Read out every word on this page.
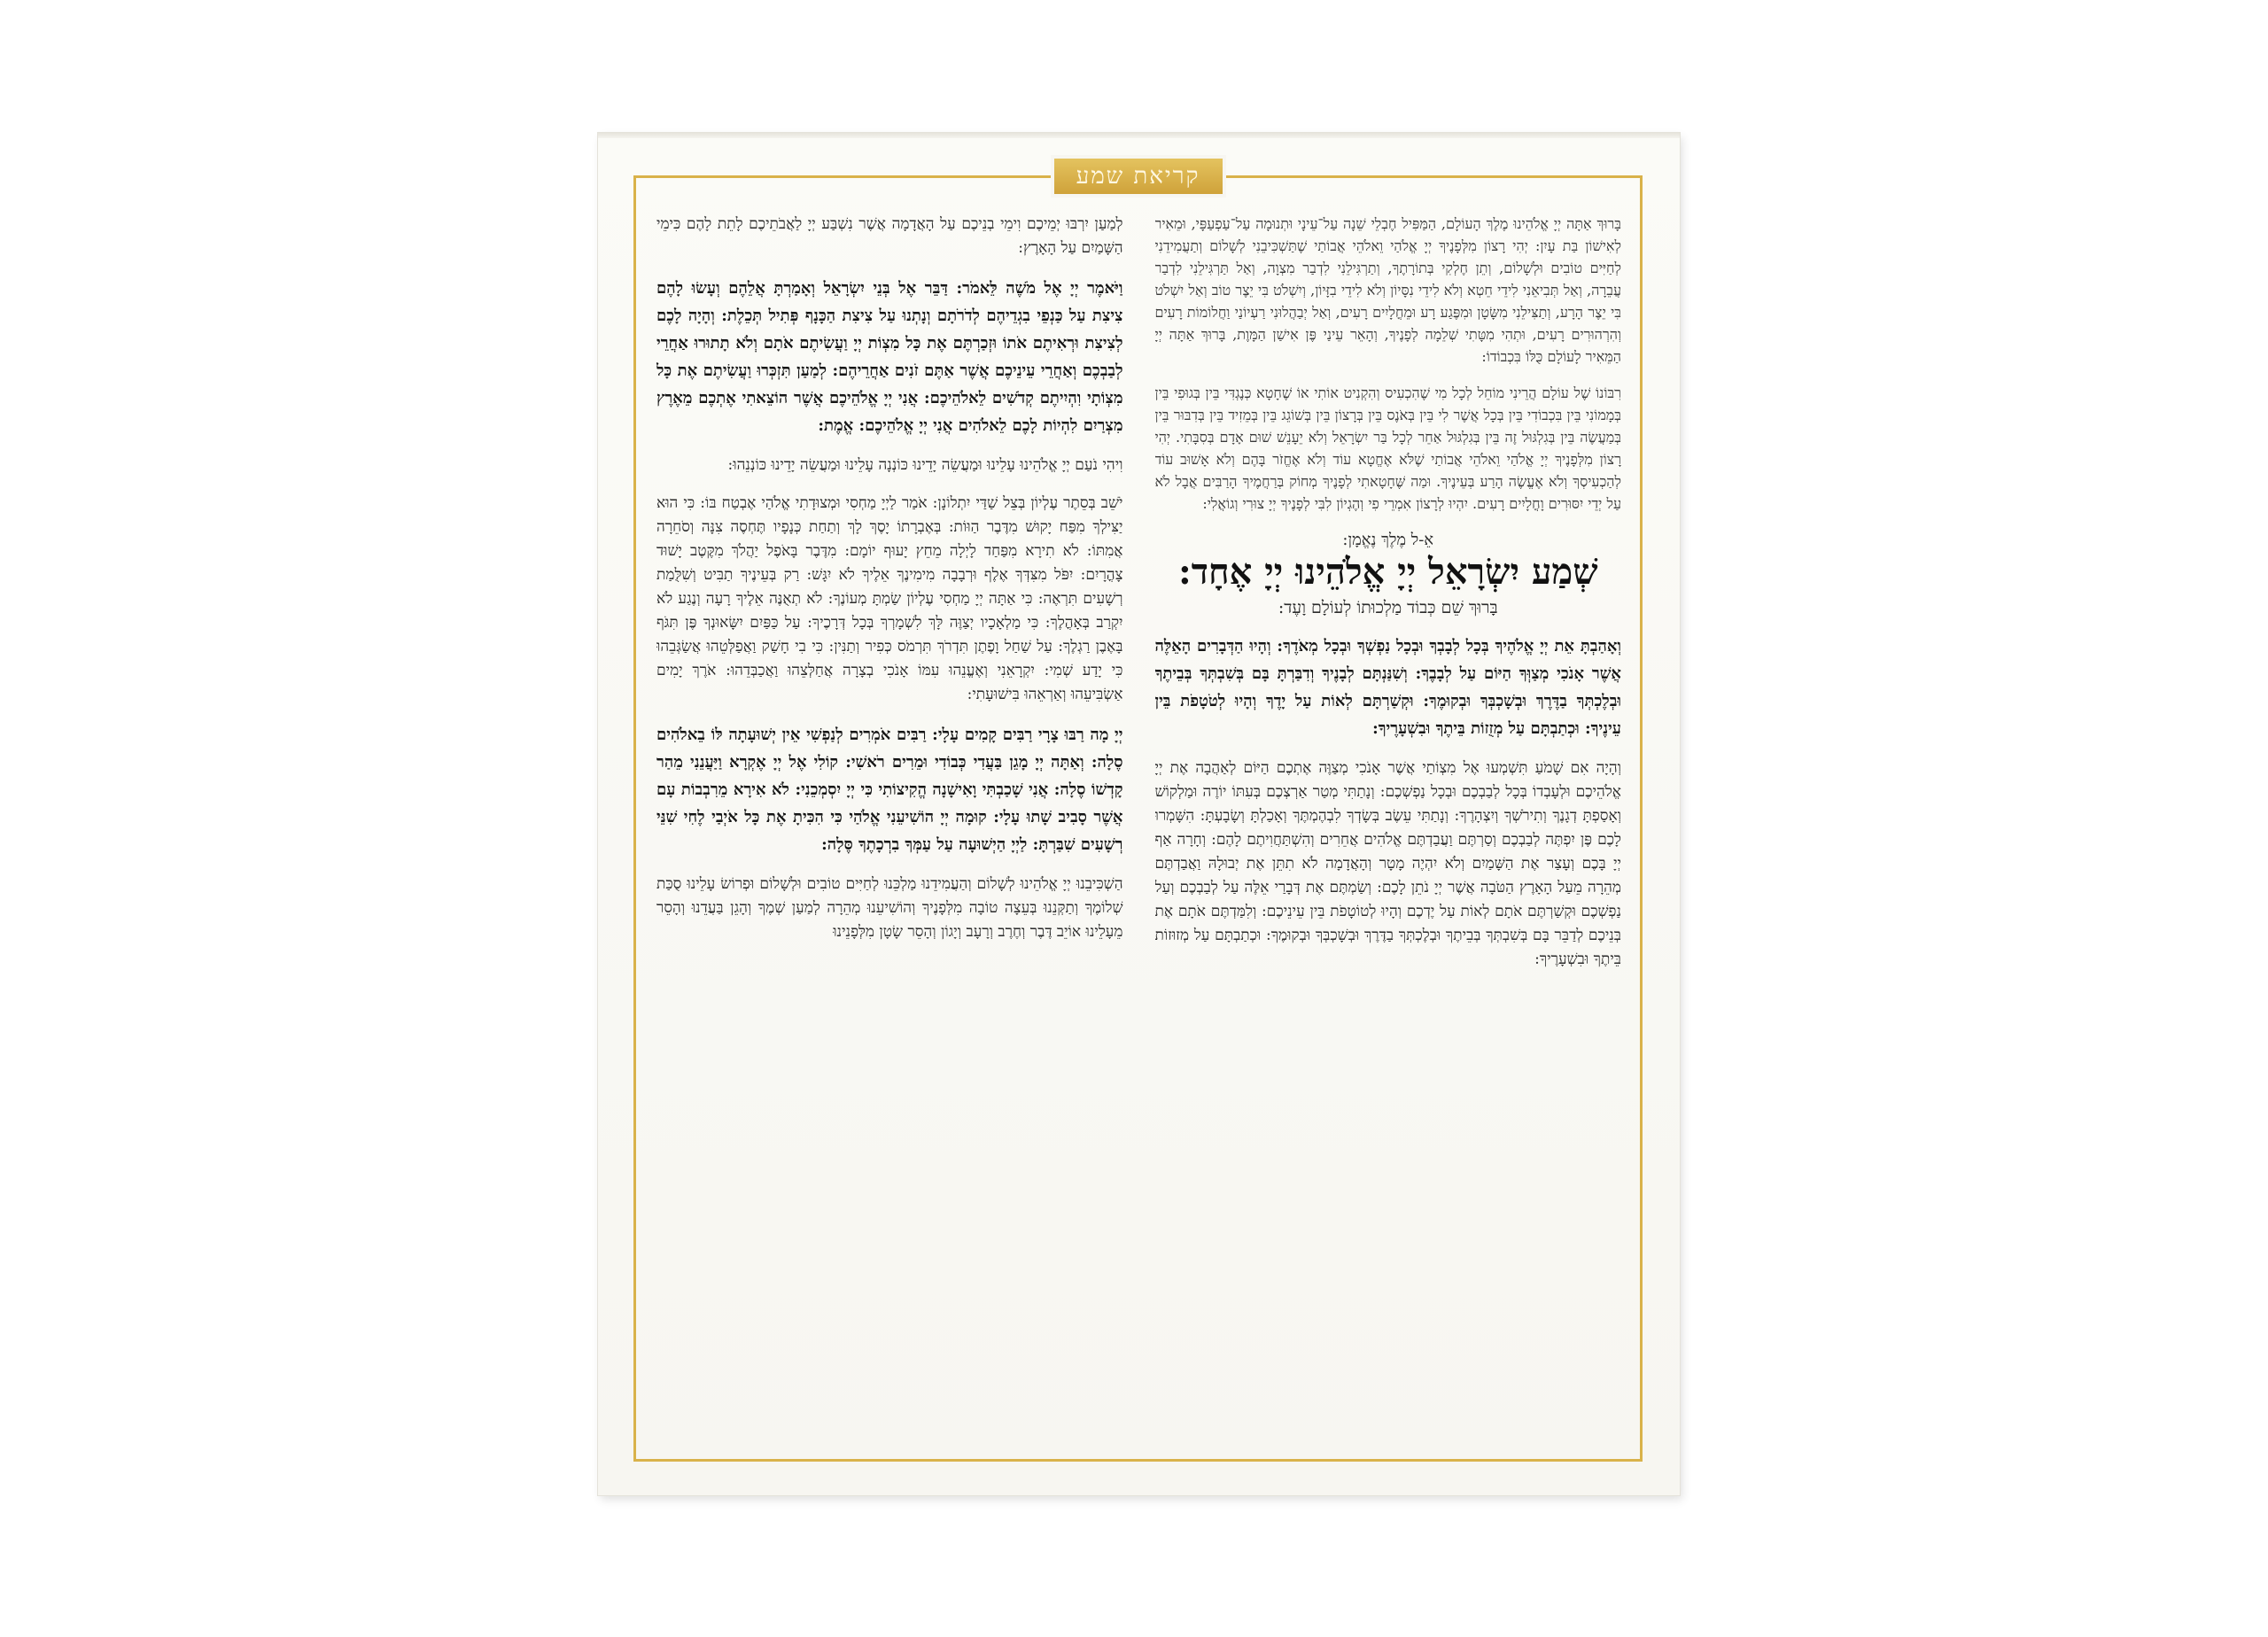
קריאת שמע

בָּרוּךְ אַתָּה יְיָ אֱלֹהֵינוּ מֶלֶךְ הָעוֹלָם, הַמַּפִּיל חֶבְלֵי שֵׁנָה עַל־עֵינָי וּתְנוּמָה עַל־עַפְעַפָּי, וּמֵאִיר לְאִישׁוֹן בַּת עָיִן: יְהִי רָצוֹן מִלְּפָנֶיךָ יְיָ אֱלֹהַי וֵאלֹהֵי אֲבוֹתַי שֶׁתַּשְׁכִּיבֵנִי לְשָׁלוֹם וְתַעֲמִידֵנִי לְחַיִּים טוֹבִים וּלְשָׁלוֹם, וְתֵן חֶלְקִי בְּתוֹרָתֶךָ, וְתַרְגִּילֵנִי לִדְבַר מִצְוָה, וְאַל תַּרְגִּילֵנִי לִדְבַר עֲבֵרָה, וְאַל תְּבִיאֵנִי לִידֵי חֵטְא וְלֹא לִידֵי נִסָּיוֹן וְלֹא לִידֵי בִזָּיוֹן, וְיִשְׁלֹט בִּי יֵצֶר טוֹב וְאַל יִשְׁלֹט בִּי יֵצֶר הָרָע, וְתַצִּילֵנִי מִשָּׂטָן וּמִפֶּגַע רָע וּמֵחֳלָיִים רָעִים, וְאַל יְבַהֲלוּנִי רַעְיוֹנַי וַחֲלוֹמוֹת רָעִים וְהִרְהוּרִים רָעִים, וּתְהִי מִטָּתִי שְׁלֵמָה לְפָנֶיךָ, וְהָאֵר עֵינַי פֶּן אִישַׁן הַמָּוֶת, בָּרוּךְ אַתָּה יְיָ הַמֵּאִיר לָעוֹלָם כֻּלּוֹ בִּכְבוֹדוֹ:

רִבּוֹנוֹ שֶׁל עוֹלָם הֲרֵינִי מוֹחֵל לְכָל מִי שֶׁהִכְעִיס וְהִקְנִיט אוֹתִי אוֹ שֶׁחָטָא כְּנֶגְדִּי בֵּין בְּגוּפִי בֵּין בְּמָמוֹנִי בֵּין בִּכְבוֹדִי בֵּין בְּכָל אֲשֶׁר לִי בֵּין בְּאֹנֶס בֵּין בְּרָצוֹן בֵּין בְּשׁוֹגֵג בֵּין בְּמֵזִיד בֵּין בְּדִבּוּר בֵּין בְּמַעֲשֶׂה בֵּין בְּגִלְגּוּל זֶה בֵּין בְּגִלְגּוּל אַחֵר לְכָל בַּר יִשְׂרָאֵל וְלֹא יֵעָנֵשׁ שׁוּם אָדָם בְּסִבָּתִי. יְהִי רָצוֹן מִלְּפָנֶיךָ יְיָ אֱלֹהַי וֵאלֹהֵי אֲבוֹתַי שֶׁלֹּא אֶחֱטָא עוֹד וְלֹא אֶחֱזֹר בָּהֶם וְלֹא אָשׁוּב עוֹד לְהַכְעִיסְךָ וְלֹא אֶעֱשֶׂה הָרַע בְּעֵינֶיךָ. וּמַה שֶּׁחָטָאתִי לְפָנֶיךָ מְחוֹק בְּרַחֲמֶיךָ הָרַבִּים אֲבָל לֹא עַל יְדֵי יִסּוּרִים וָחֳלָיִים רָעִים. יִהְיוּ לְרָצוֹן אִמְרֵי פִי וְהֶגְיוֹן לִבִּי לְפָנֶיךָ יְיָ צוּרִי וְגוֹאֲלִי:

אֵ-ל מֶלֶךְ נֶאֱמָן:
שְׁמַע יִשְׂרָאֵל יְיָ אֱלֹהֵינוּ יְיָ אֶחָד:
בָּרוּךְ שֵׁם כְּבוֹד מַלְכוּתוֹ לְעוֹלָם וָעֶד:

וְאָהַבְתָּ אֵת יְיָ אֱלֹהֶיךָ בְּכָל לְבָבְךָ וּבְכָל נַפְשְׁךָ וּבְכָל מְאֹדֶךָ: וְהָיוּ הַדְּבָרִים הָאֵלֶּה אֲשֶׁר אָנֹכִי מְצַוְּךָ הַיּוֹם עַל לְבָבֶךָ: וְשִׁנַּנְתָּם לְבָנֶיךָ וְדִבַּרְתָּ בָּם בְּשִׁבְתְּךָ בְּבֵיתֶךָ וּבְלֶכְתְּךָ בַדֶּרֶךְ וּבְשָׁכְבְּךָ וּבְקוּמֶךָ: וּקְשַׁרְתָּם לְאוֹת עַל יָדֶךָ וְהָיוּ לְטֹטָפֹת בֵּין עֵינֶיךָ: וּכְתַבְתָּם עַל מְזֻזוֹת בֵּיתֶךָ וּבִשְׁעָרֶיךָ:

וְהָיָה אִם שָׁמֹעַ תִּשְׁמְעוּ אֶל מִצְוֹתַי אֲשֶׁר אָנֹכִי מְצַוֶּה אֶתְכֶם הַיּוֹם לְאַהֲבָה אֶת יְיָ אֱלֹהֵיכֶם וּלְעָבְדוֹ בְּכָל לְבַבְכֶם וּבְכָל נַפְשְׁכֶם: וְנָתַתִּי מְטַר אַרְצְכֶם בְּעִתּוֹ יוֹרֶה וּמַלְקוֹשׁ וְאָסַפְתָּ דְגָנֶךָ וְתִירֹשְׁךָ וְיִצְהָרֶךָ: וְנָתַתִּי עֵשֶׂב בְּשָׂדְךָ לִבְהֶמְתֶּךָ וְאָכַלְתָּ וְשָׂבָעְתָּ: הִשָּׁמְרוּ לָכֶם פֶּן יִפְתֶּה לְבַבְכֶם וְסַרְתֶּם וַעֲבַדְתֶּם אֱלֹהִים אֲחֵרִים וְהִשְׁתַּחֲוִיתֶם לָהֶם: וְחָרָה אַף יְיָ בָּכֶם וְעָצַר אֶת הַשָּׁמַיִם וְלֹא יִהְיֶה מָטָר וְהָאֲדָמָה לֹא תִתֵּן אֶת יְבוּלָהּ וַאֲבַדְתֶּם מְהֵרָה מֵעַל הָאָרֶץ הַטֹּבָה אֲשֶׁר יְיָ נֹתֵן לָכֶם: וְשַׂמְתֶּם אֶת דְּבָרַי אֵלֶּה עַל לְבַבְכֶם וְעַל נַפְשְׁכֶם וּקְשַׁרְתֶּם אֹתָם לְאוֹת עַל יֶדְכֶם וְהָיוּ לְטוֹטָפֹת בֵּין עֵינֵיכֶם: וְלִמַּדְתֶּם אֹתָם אֶת בְּנֵיכֶם לְדַבֵּר בָּם בְּשִׁבְתְּךָ בְּבֵיתֶךָ וּבְלֶכְתְּךָ בַדֶּרֶךְ וּבְשָׁכְבְּךָ וּבְקוּמֶךָ: וּכְתַבְתָּם עַל מְזוּזוֹת בֵּיתֶךָ וּבִשְׁעָרֶיךָ:

לְמַעַן יִרְבּוּ יְמֵיכֶם וִימֵי בְנֵיכֶם עַל הָאֲדָמָה אֲשֶׁר נִשְׁבַּע יְיָ לַאֲבֹתֵיכֶם לָתֵת לָהֶם כִּימֵי הַשָּׁמַיִם עַל הָאָרֶץ:

וַיֹּאמֶר יְיָ אֶל מֹשֶׁה לֵּאמֹר: דַּבֵּר אֶל בְּנֵי יִשְׂרָאֵל וְאָמַרְתָּ אֲלֵהֶם וְעָשׂוּ לָהֶם צִיצִת עַל כַּנְפֵי בִגְדֵיהֶם לְדֹרֹתָם וְנָתְנוּ עַל צִיצִת הַכָּנָף פְּתִיל תְּכֵלֶת: וְהָיָה לָכֶם לְצִיצִת וּרְאִיתֶם אֹתוֹ וּזְכַרְתֶּם אֶת כָּל מִצְוֹת יְיָ וַעֲשִׂיתֶם אֹתָם וְלֹא תָתוּרוּ אַחֲרֵי לְבַבְכֶם וְאַחֲרֵי עֵינֵיכֶם אֲשֶׁר אַתֶּם זֹנִים אַחֲרֵיהֶם: לְמַעַן תִּזְכְּרוּ וַעֲשִׂיתֶם אֶת כָּל מִצְוֹתָי וִהְיִיתֶם קְדֹשִׁים לֵאלֹהֵיכֶם: אֲנִי יְיָ אֱלֹהֵיכֶם אֲשֶׁר הוֹצֵאתִי אֶתְכֶם מֵאֶרֶץ מִצְרַיִם לִהְיוֹת לָכֶם לֵאלֹהִים אֲנִי יְיָ אֱלֹהֵיכֶם: אֱמֶת:

וִיהִי נֹעַם יְיָ אֱלֹהֵינוּ עָלֵינוּ וּמַעֲשֵׂה יָדֵינוּ כּוֹנְנָה עָלֵינוּ וּמַעֲשֵׂה יָדֵינוּ כּוֹנְנֵהוּ:

יֹשֵׁב בְּסֵתֶר עֶלְיוֹן בְּצֵל שַׁדַּי יִתְלוֹנָן: אֹמַר לַיְיָ מַחְסִי וּמְצוּדָתִי אֱלֹהַי אֶבְטַח בּוֹ: כִּי הוּא יַצִּילְךָ מִפַּח יָקוּשׁ מִדֶּבֶר הַוּוֹת: בְּאֶבְרָתוֹ יָסֶךְ לָךְ וְתַחַת כְּנָפָיו תֶּחְסֶה צִנָּה וְסֹחֵרָה אֲמִתּוֹ: לֹא תִירָא מִפַּחַד לָיְלָה מֵחֵץ יָעוּף יוֹמָם: מִדֶּבֶר בָּאֹפֶל יַהֲלֹךְ מִקֶּטֶב יָשׁוּד צָהֳרָיִם: יִפֹּל מִצִּדְּךָ אֶלֶף וּרְבָבָה מִימִינֶךָ אֵלֶיךָ לֹא יִגָּשׁ: רַק בְּעֵינֶיךָ תַבִּיט וְשִׁלֻּמַת רְשָׁעִים תִּרְאֶה: כִּי אַתָּה יְיָ מַחְסִי עֶלְיוֹן שַׂמְתָּ מְעוֹנֶךָ: לֹא תְאֻנֶּה אֵלֶיךָ רָעָה וְנֶגַע לֹא יִקְרַב בְּאָהֳלֶךָ: כִּי מַלְאָכָיו יְצַוֶּה לָּךְ לִשְׁמָרְךָ בְּכָל דְּרָכֶיךָ: עַל כַּפַּיִם יִשָּׂאוּנְךָ פֶּן תִּגֹּף בָּאֶבֶן רַגְלֶךָ: עַל שַׁחַל וָפֶתֶן תִּדְרֹךְ תִּרְמֹס כְּפִיר וְתַנִּין: כִּי בִי חָשַׁק וַאֲפַלְּטֵהוּ אֲשַׂגְּבֵהוּ כִּי יָדַע שְׁמִי: יִקְרָאֵנִי וְאֶעֱנֵהוּ עִמּוֹ אָנֹכִי בְצָרָה אֲחַלְּצֵהוּ וַאֲכַבְּדֵהוּ: אֹרֶךְ יָמִים אַשְׂבִּיעֵהוּ וְאַרְאֵהוּ בִּישׁוּעָתִי:

יְיָ מָה רַבּוּ צָרָי רַבִּים קָמִים עָלָי: רַבִּים אֹמְרִים לְנַפְשִׁי אֵין יְשׁוּעָתָה לּוֹ בֵאלֹהִים סֶלָה: וְאַתָּה יְיָ מָגֵן בַּעֲדִי כְּבוֹדִי וּמֵרִים רֹאשִׁי: קוֹלִי אֶל יְיָ אֶקְרָא וַיַּעֲנֵנִי מֵהַר קָדְשׁוֹ סֶלָה: אֲנִי שָׁכַבְתִּי וָאִישָׁנָה הֱקִיצוֹתִי כִּי יְיָ יִסְמְכֵנִי: לֹא אִירָא מֵרִבְבוֹת עָם אֲשֶׁר סָבִיב שָׁתוּ עָלָי: קוּמָה יְיָ הוֹשִׁיעֵנִי אֱלֹהַי כִּי הִכִּיתָ אֶת כָּל אֹיְבַי לֶחִי שִׁנֵּי רְשָׁעִים שִׁבַּרְתָּ: לַיְיָ הַיְשׁוּעָה עַל עַמְּךָ בִרְכָתֶךָ סֶּלָה:

הַשְׁכִּיבֵנוּ יְיָ אֱלֹהֵינוּ לְשָׁלוֹם וְהַעֲמִידֵנוּ מַלְכֵּנוּ לְחַיִּים טוֹבִים וּלְשָׁלוֹם וּפְרוֹשׂ עָלֵינוּ סֻכַּת שְׁלוֹמֶךָ וְתַקְּנֵנוּ בְּעֵצָה טוֹבָה מִלְּפָנֶיךָ וְהוֹשִׁיעֵנוּ מְהֵרָה לְמַעַן שְׁמֶךָ וְהָגֵן בַּעֲדֵנוּ וְהָסֵר מֵעָלֵינוּ אוֹיֵב דֶּבֶר וְחֶרֶב וְרָעָב וְיָגוֹן וְהָסֵר שָׂטָן מִלְּפָנֵינוּ
